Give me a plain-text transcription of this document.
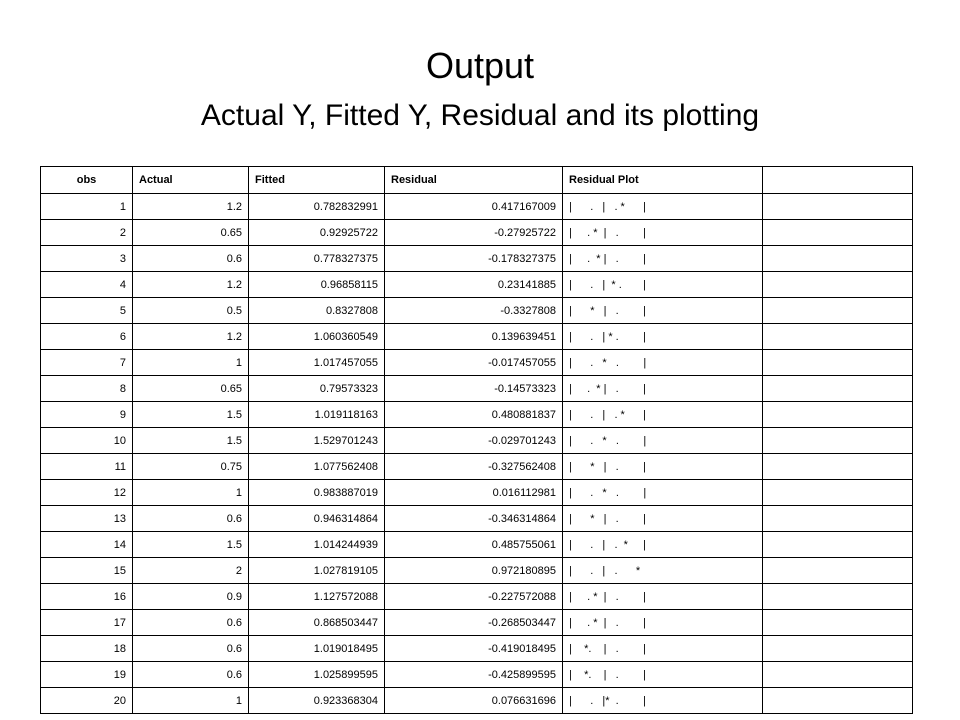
Output
Actual Y, Fitted Y, Residual and its plotting
obs	Actual	Fitted	Residual	Residual Plot	
1	1.2	0.782832991	0.417167009	|      .   |   . *      |	
2	0.65	0.92925722	-0.27925722	|     . *  |   .        |	
3	0.6	0.778327375	-0.178327375	|     .  * |   .        |	
4	1.2	0.96858115	0.23141885	|      .   |  * .       |	
5	0.5	0.8327808	-0.3327808	|      *   |   .        |	
6	1.2	1.060360549	0.139639451	|      .   | * .        |	
7	1	1.017457055	-0.017457055	|      .   *   .        |	
8	0.65	0.79573323	-0.14573323	|     .  * |   .        |	
9	1.5	1.019118163	0.480881837	|      .   |   . *      |	
10	1.5	1.529701243	-0.029701243	|      .   *   .        |	
11	0.75	1.077562408	-0.327562408	|      *   |   .        |	
12	1	0.983887019	0.016112981	|      .   *   .        |	
13	0.6	0.946314864	-0.346314864	|      *   |   .        |	
14	1.5	1.014244939	0.485755061	|      .   |   .  *     |	
15	2	1.027819105	0.972180895	|      .   |   .      *	
16	0.9	1.127572088	-0.227572088	|     . *  |   .        |	
17	0.6	0.868503447	-0.268503447	|     . *  |   .        |	
18	0.6	1.019018495	-0.419018495	|    *.    |   .        |	
19	0.6	1.025899595	-0.425899595	|    *.    |   .        |	
20	1	0.923368304	0.076631696	|      .   |*  .        |	
